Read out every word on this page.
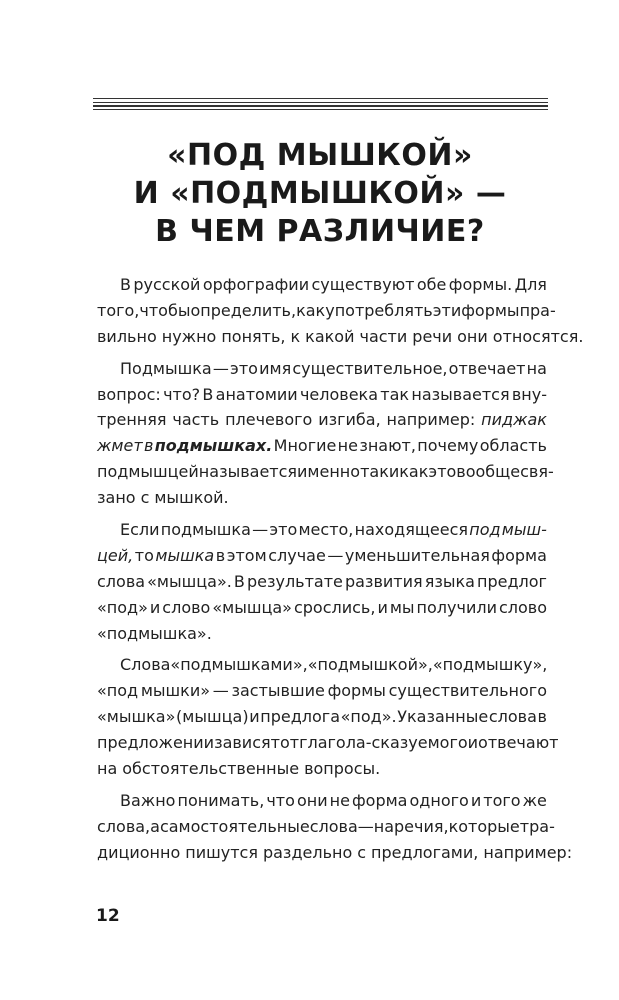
«ПОД МЫШКОЙ»
И «ПОДМЫШКОЙ» —
В ЧЕМ РАЗЛИЧИЕ?
В русской орфографии существуют обе формы. Для
того, чтобы определить, как употреблять эти формы пра-
вильно нужно понять, к какой части речи они относятся.
Подмышка — это имя существительное, отвечает на
вопрос: что? В анатомии человека так называется вну-
тренняя часть плечевого изгиба, например: пиджак
жмет в подмышках. Многие не знают, почему область
под мышцей называется именно так и как это вообще свя-
зано с мышкой.
Если подмышка — это место, находящееся под мыш-
цей, то мышка в этом случае — уменьшительная форма
слова «мышца». В результате развития языка предлог
«под» и слово «мышца» срослись, и мы получили слово
«подмышка».
Слова «под мышками», «под мышкой», «под мышку»,
«под мышки» — застывшие формы существительного
«мышка» (мышца) и предлога «под». Указанные слова в
предложении зависят от глагола-сказуемого и отвечают
на обстоятельственные вопросы.
Важно понимать, что они не форма одного и того же
слова, а самостоятельные слова — наречия, которые тра-
диционно пишутся раздельно с предлогами, например:
12
